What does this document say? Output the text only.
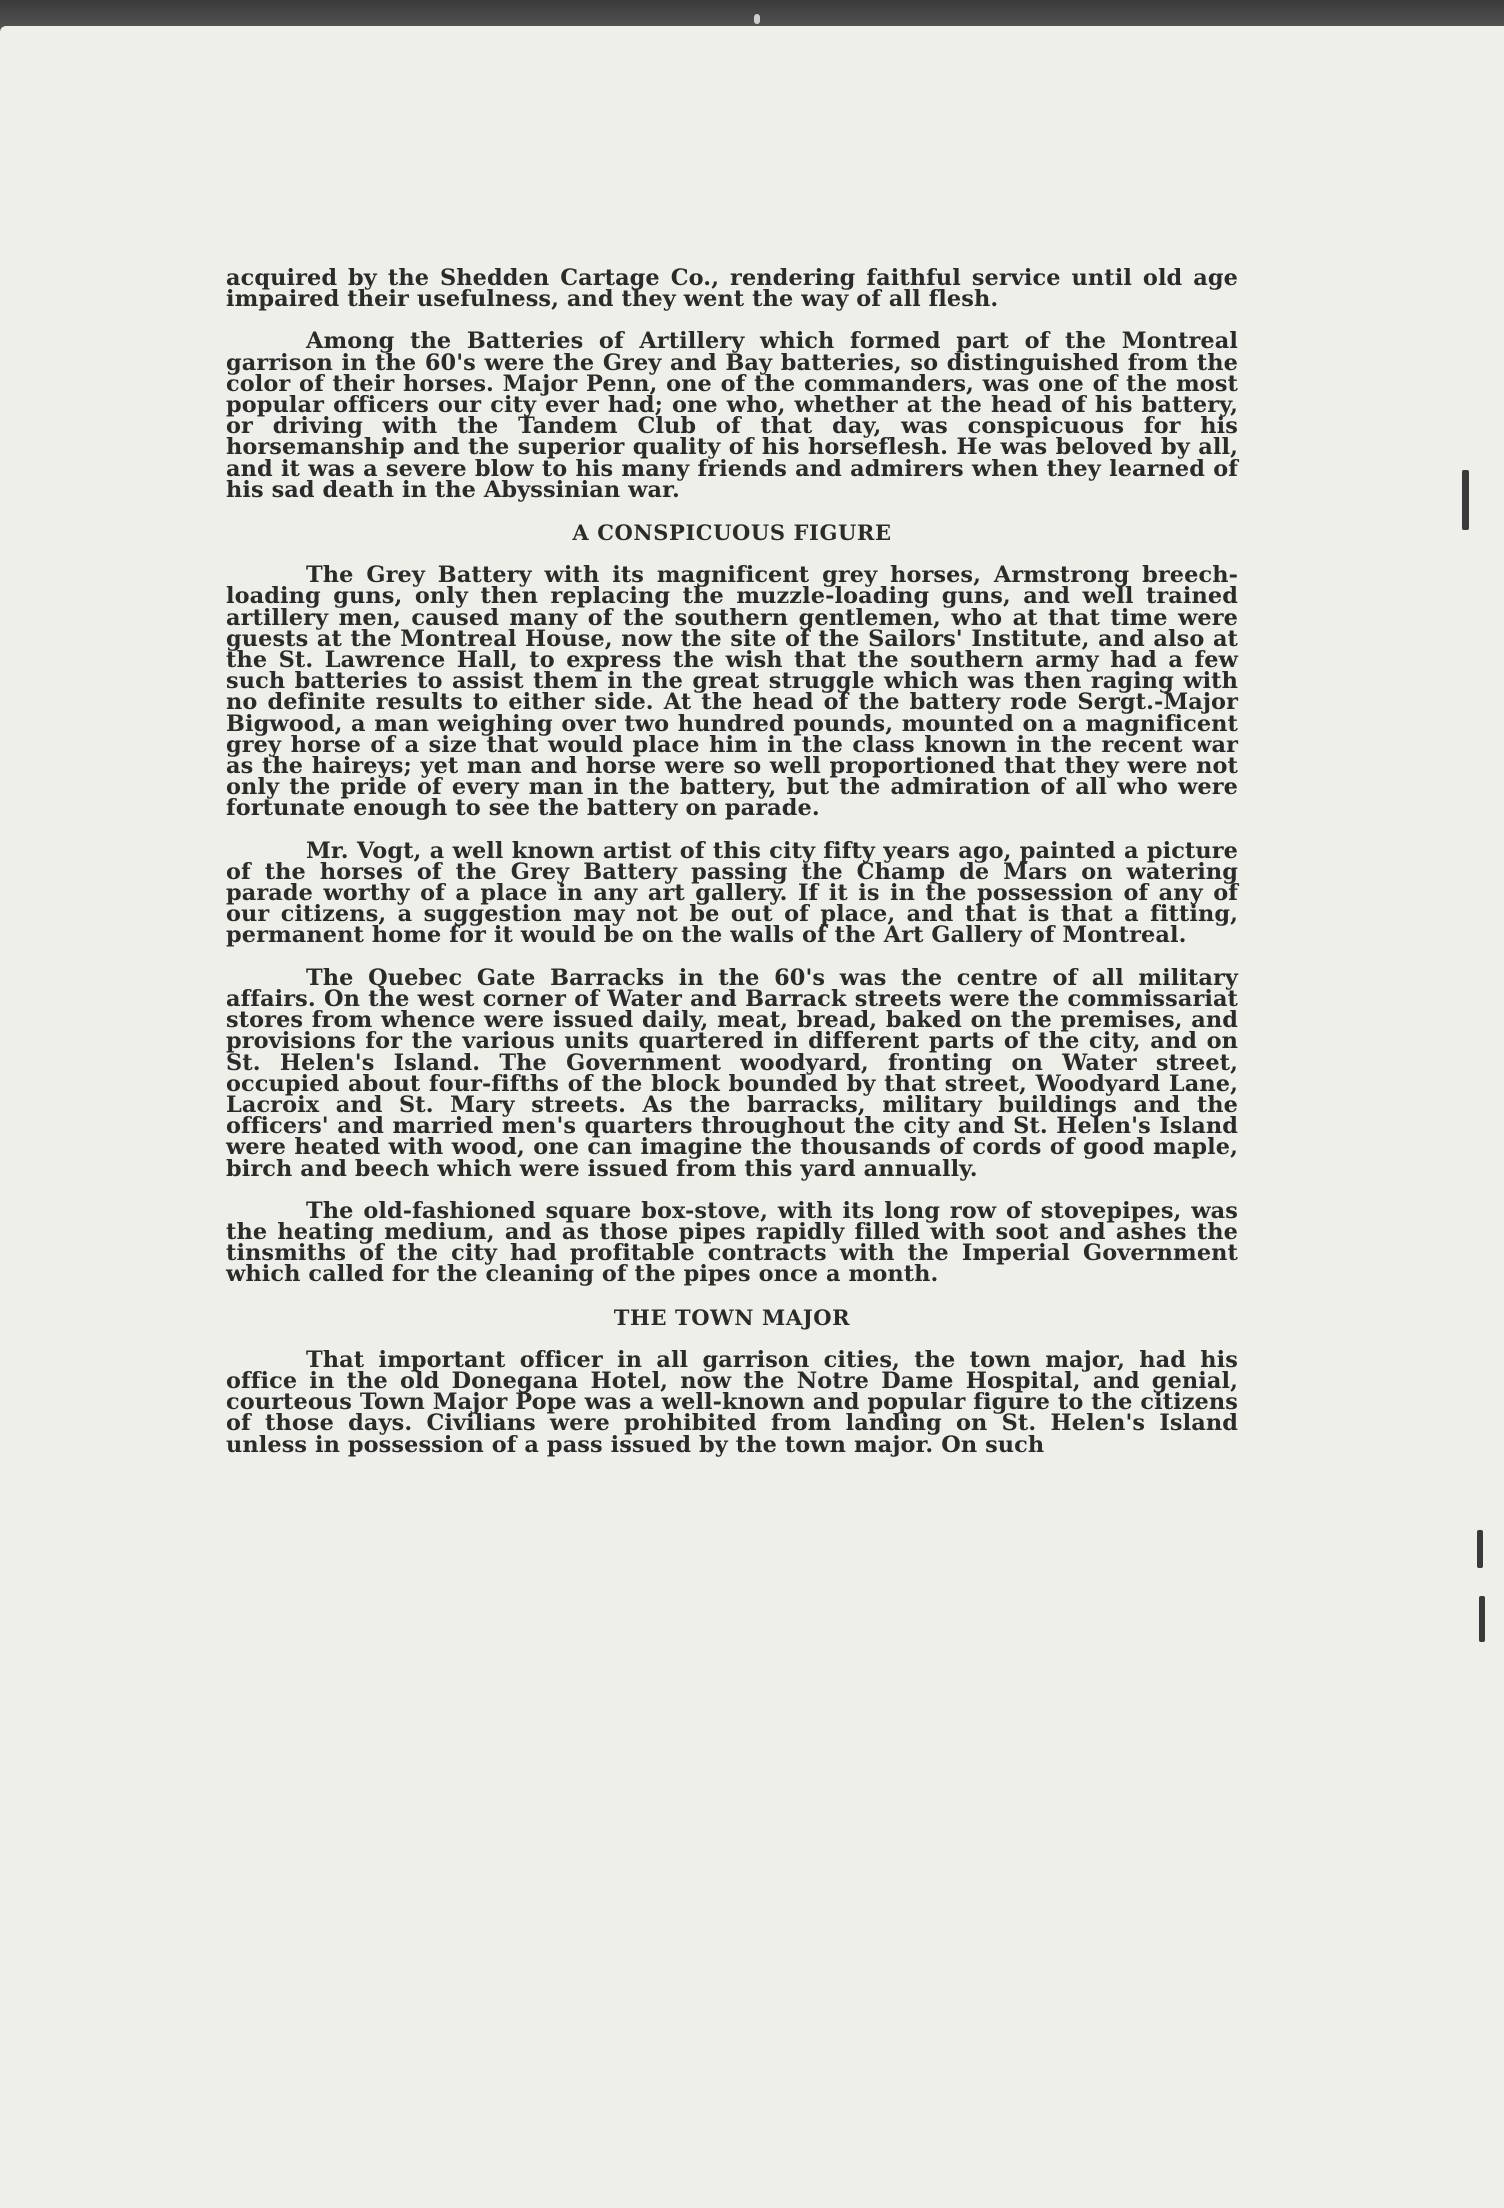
acquired by the Shedden Cartage Co., rendering faithful service until old age impaired their usefulness, and they went the way of all flesh.

Among the Batteries of Artillery which formed part of the Montreal garrison in the 60's were the Grey and Bay batteries, so distinguished from the color of their horses. Major Penn, one of the commanders, was one of the most popular officers our city ever had; one who, whether at the head of his battery, or driving with the Tandem Club of that day, was conspicuous for his horsemanship and the superior quality of his horseflesh. He was beloved by all, and it was a severe blow to his many friends and admirers when they learned of his sad death in the Abyssinian war.

A CONSPICUOUS FIGURE

The Grey Battery with its magnificent grey horses, Armstrong breech-loading guns, only then replacing the muzzle-loading guns, and well trained artillery men, caused many of the southern gentlemen, who at that time were guests at the Montreal House, now the site of the Sailors' Institute, and also at the St. Lawrence Hall, to express the wish that the southern army had a few such batteries to assist them in the great struggle which was then raging with no definite results to either side. At the head of the battery rode Sergt.-Major Bigwood, a man weighing over two hundred pounds, mounted on a magnificent grey horse of a size that would place him in the class known in the recent war as the haireys; yet man and horse were so well proportioned that they were not only the pride of every man in the battery, but the admiration of all who were fortunate enough to see the battery on parade.

Mr. Vogt, a well known artist of this city fifty years ago, painted a picture of the horses of the Grey Battery passing the Champ de Mars on watering parade worthy of a place in any art gallery. If it is in the possession of any of our citizens, a suggestion may not be out of place, and that is that a fitting, permanent home for it would be on the walls of the Art Gallery of Montreal.

The Quebec Gate Barracks in the 60's was the centre of all military affairs. On the west corner of Water and Barrack streets were the commissariat stores from whence were issued daily, meat, bread, baked on the premises, and provisions for the various units quartered in different parts of the city, and on St. Helen's Island. The Government woodyard, fronting on Water street, occupied about four-fifths of the block bounded by that street, Woodyard Lane, Lacroix and St. Mary streets. As the barracks, military buildings and the officers' and married men's quarters throughout the city and St. Helen's Island were heated with wood, one can imagine the thousands of cords of good maple, birch and beech which were issued from this yard annually.

The old-fashioned square box-stove, with its long row of stovepipes, was the heating medium, and as those pipes rapidly filled with soot and ashes the tinsmiths of the city had profitable contracts with the Imperial Government which called for the cleaning of the pipes once a month.

THE TOWN MAJOR

That important officer in all garrison cities, the town major, had his office in the old Donegana Hotel, now the Notre Dame Hospital, and genial, courteous Town Major Pope was a well-known and popular figure to the citizens of those days. Civilians were prohibited from landing on St. Helen's Island unless in possession of a pass issued by the town major. On such
